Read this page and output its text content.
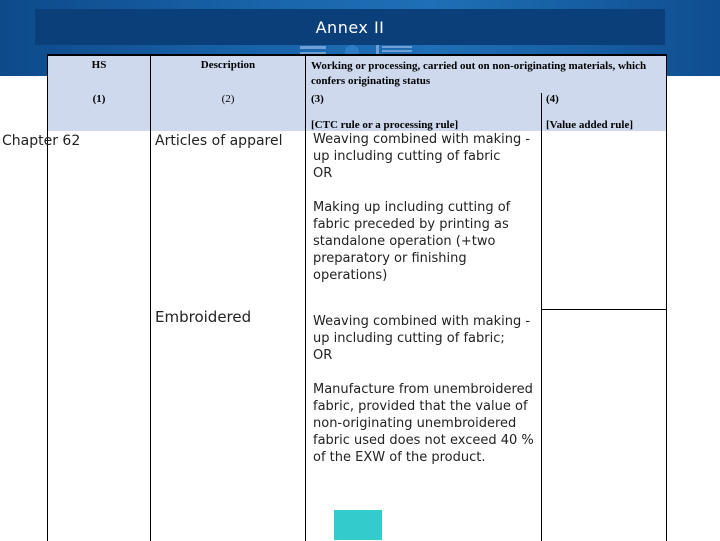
Annex II
HS	Description	Working or processing, carried out on non-originating materials, which confers originating status	
(1)	(2)	(3)	(4)
		[CTC rule or a processing rule]	[Value added rule]

Chapter 62	Articles of apparel	Weaving combined with making -up including cutting of fabric
OR
Making up including cutting of fabric preceded by printing as standalone operation (+two preparatory or finishing operations)	

	Embroidered	Weaving combined with making -up including cutting of fabric;
OR
Manufacture from unembroidered fabric, provided that the value of non-originating unembroidered fabric used does not exceed 40 % of the EXW of the product.	
